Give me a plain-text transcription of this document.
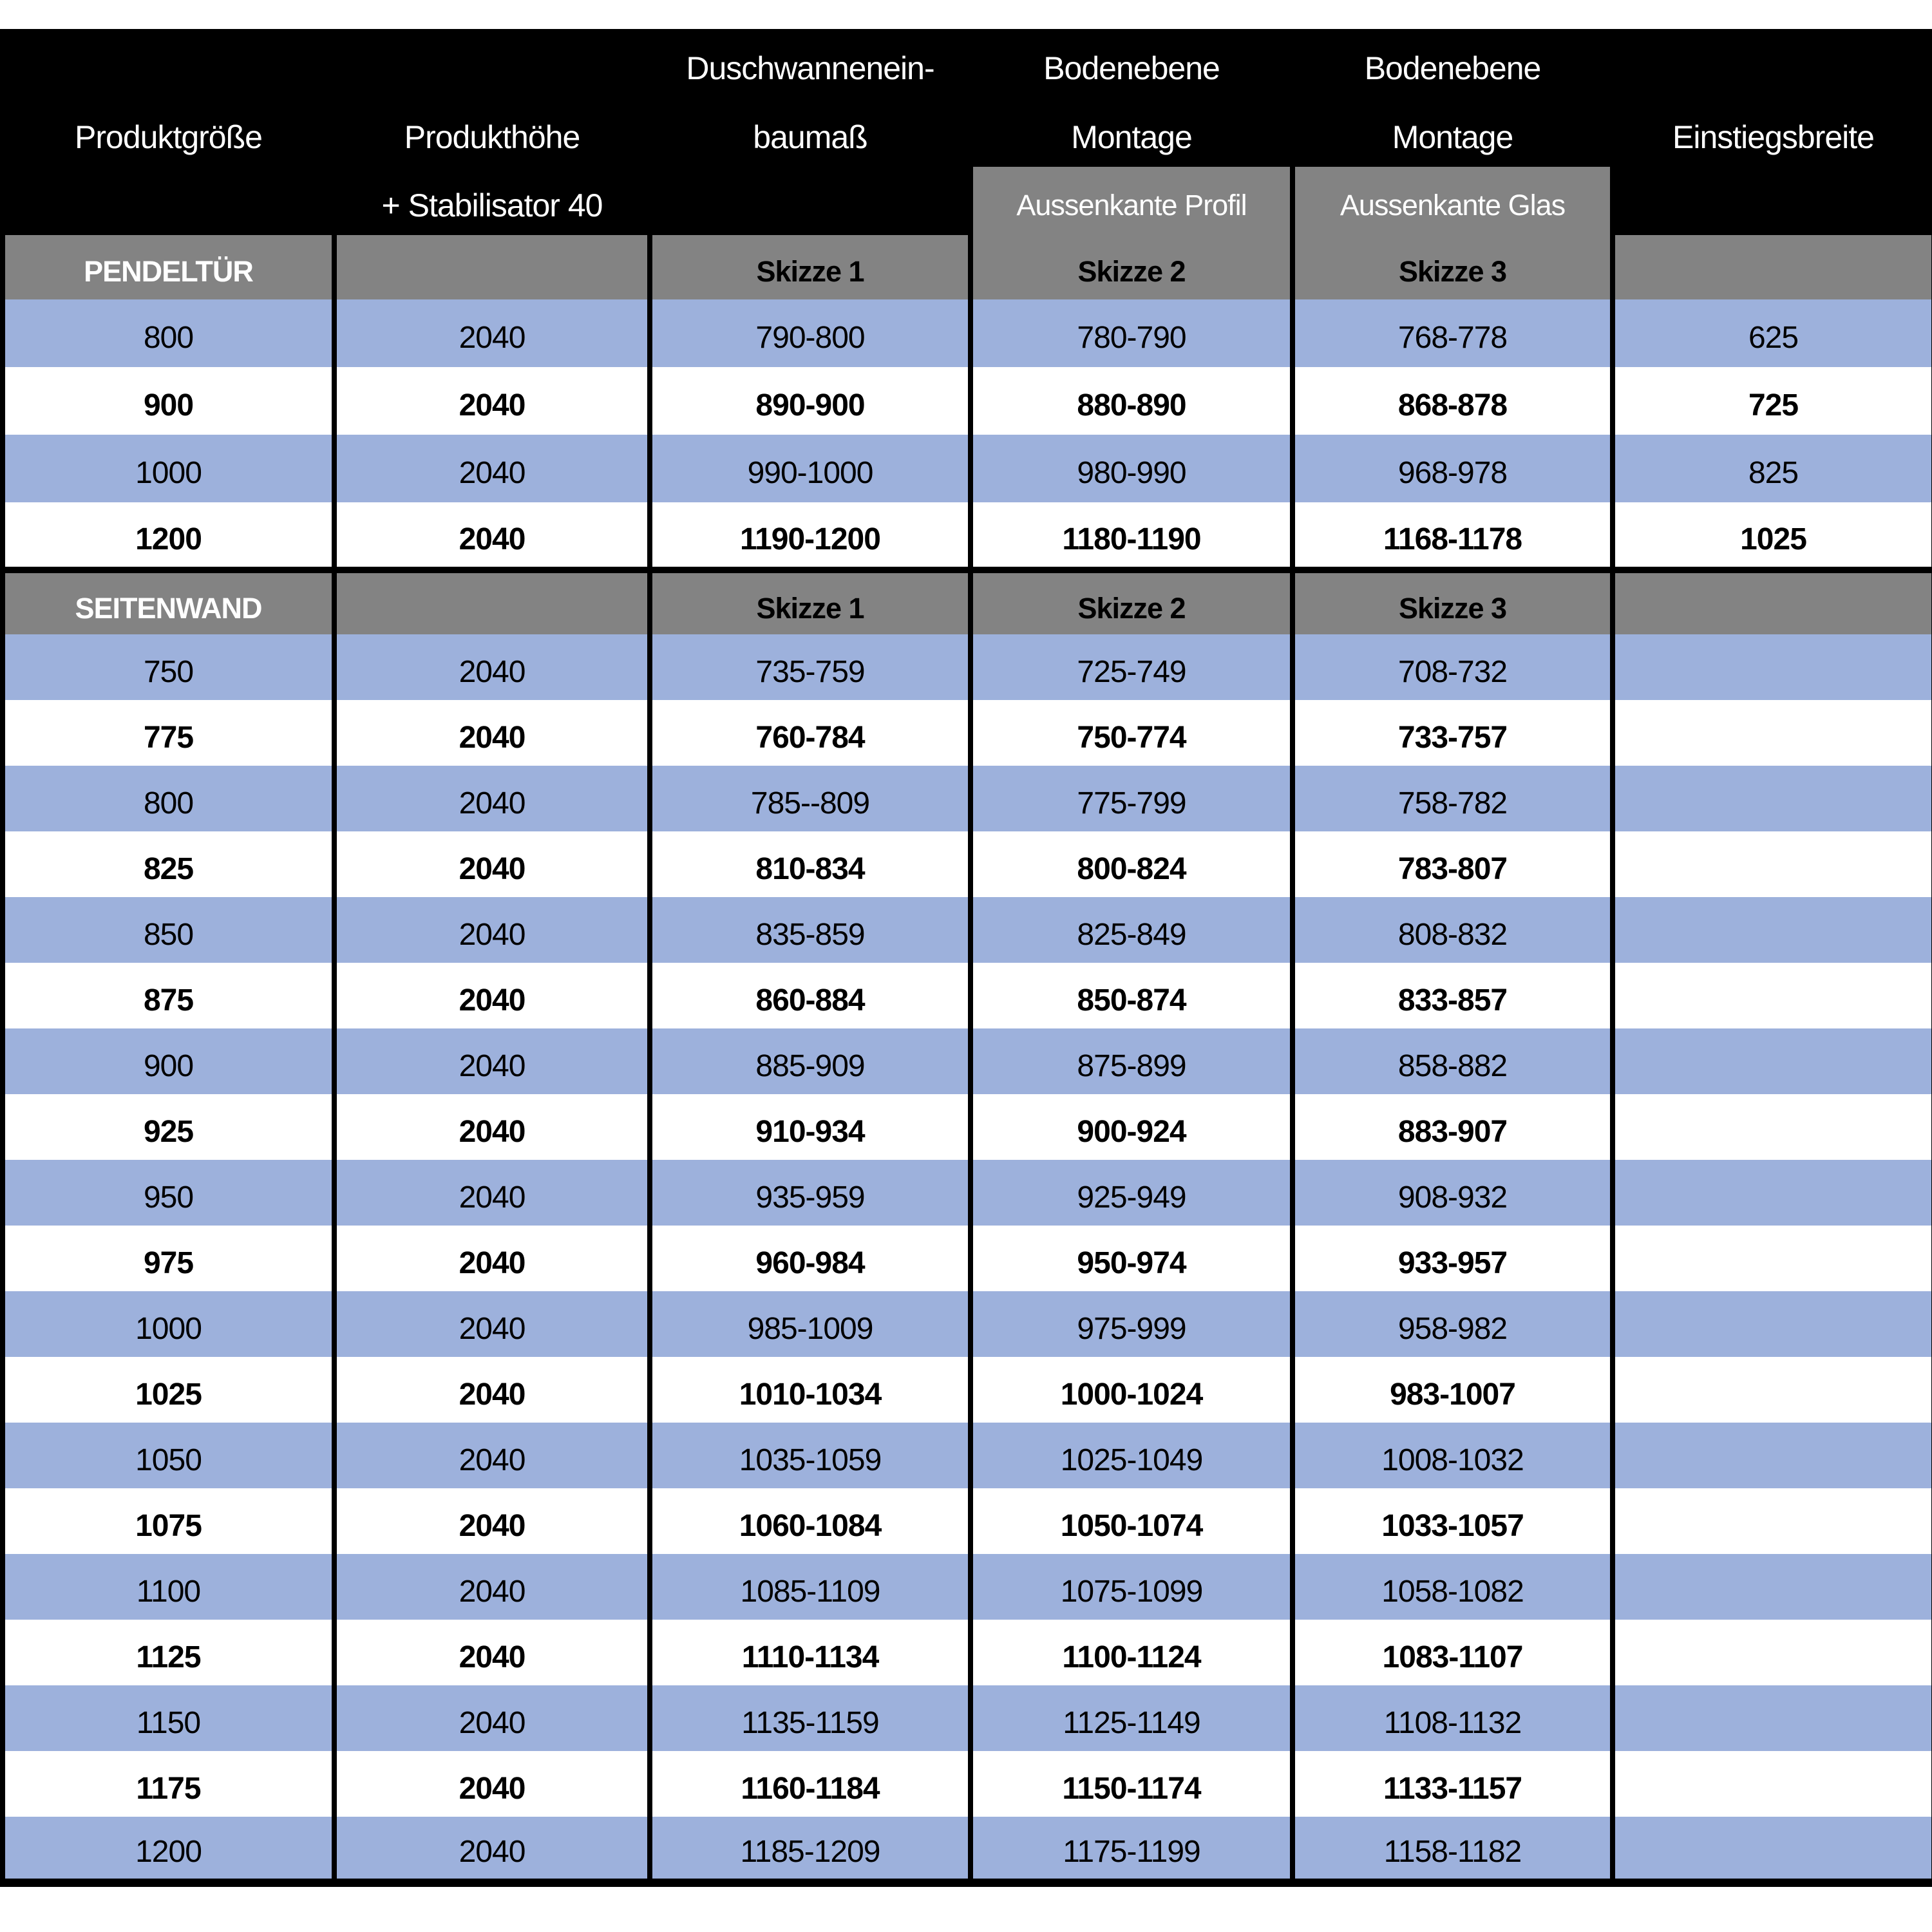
		Duschwannenein-	Bodenebene	Bodenebene	
Produktgröße	Produkthöhe	baumaß	Montage	Montage	Einstiegsbreite
	+ Stabilisator 40		Aussenkante Profil	Aussenkante Glas	
PENDELTÜR		Skizze 1	Skizze 2	Skizze 3	
800	2040	790-800	780-790	768-778	625
900	2040	890-900	880-890	868-878	725
1000	2040	990-1000	980-990	968-978	825
1200	2040	1190-1200	1180-1190	1168-1178	1025
SEITENWAND		Skizze 1	Skizze 2	Skizze 3	
750	2040	735-759	725-749	708-732	
775	2040	760-784	750-774	733-757	
800	2040	785--809	775-799	758-782	
825	2040	810-834	800-824	783-807	
850	2040	835-859	825-849	808-832	
875	2040	860-884	850-874	833-857	
900	2040	885-909	875-899	858-882	
925	2040	910-934	900-924	883-907	
950	2040	935-959	925-949	908-932	
975	2040	960-984	950-974	933-957	
1000	2040	985-1009	975-999	958-982	
1025	2040	1010-1034	1000-1024	983-1007	
1050	2040	1035-1059	1025-1049	1008-1032	
1075	2040	1060-1084	1050-1074	1033-1057	
1100	2040	1085-1109	1075-1099	1058-1082	
1125	2040	1110-1134	1100-1124	1083-1107	
1150	2040	1135-1159	1125-1149	1108-1132	
1175	2040	1160-1184	1150-1174	1133-1157	
1200	2040	1185-1209	1175-1199	1158-1182	
